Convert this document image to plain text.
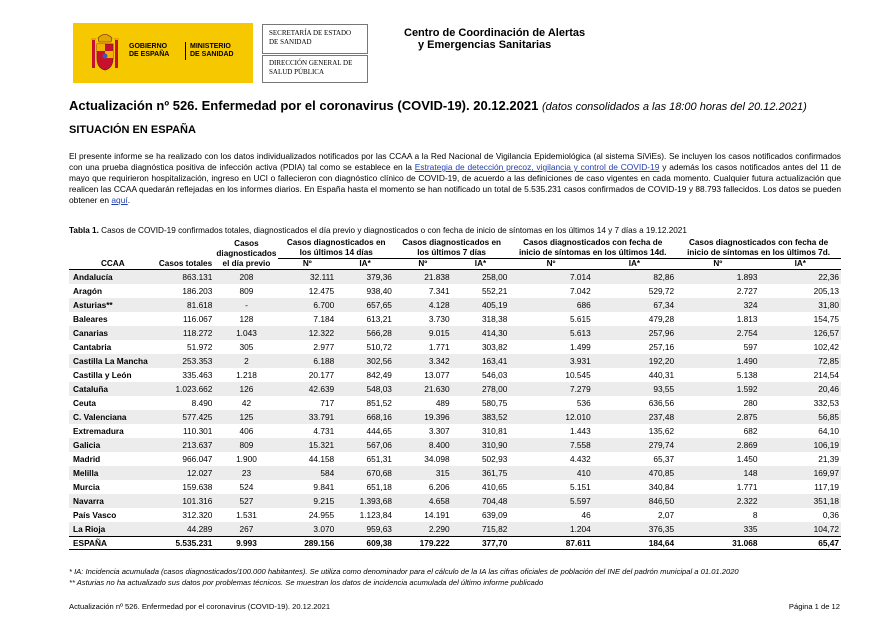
GOBIERNO
DE ESPAÑA
MINISTERIO
DE SANIDAD
SECRETARÍA DE ESTADO
DE SANIDAD
DIRECCIÓN GENERAL DE
SALUD PÚBLICA
Centro de Coordinación de Alertas
y Emergencias Sanitarias
Actualización nº 526. Enfermedad por el coronavirus (COVID-19). 20.12.2021 (datos consolidados a las 18:00 horas del 20.12.2021)
SITUACIÓN EN ESPAÑA
El presente informe se ha realizado con los datos individualizados notificados por las CCAA a la Red Nacional de Vigilancia Epidemiológica (al sistema SiViEs). Se incluyen los casos notificados confirmados con una prueba diagnóstica positiva de infección activa (PDIA) tal como se establece en la Estrategia de detección precoz, vigilancia y control de COVID-19 y además los casos notificados antes del 11 de mayo que requirieron hospitalización, ingreso en UCI o fallecieron con diagnóstico clínico de COVID-19, de acuerdo a las definiciones de caso vigentes en cada momento. Cualquier futura actualización que realicen las CCAA quedarán reflejadas en los informes diarios. En España hasta el momento se han notificado un total de 5.535.231 casos confirmados de COVID-19 y 88.793 fallecidos. Los datos se pueden obtener en aquí.
Tabla 1. Casos de COVID-19 confirmados totales, diagnosticados el día previo y diagnosticados o con fecha de inicio de síntomas en los últimos 14 y 7 días a 19.12.2021
CCAA	Casos totales	Casos diagnosticados el día previo	Casos diagnosticados en los últimos 14 días		Casos diagnosticados en los últimos 7 días		Casos diagnosticados con fecha de inicio de síntomas en los últimos 14d.		Casos diagnosticados con fecha de inicio de síntomas en los últimos 7d.	
			Nº	IA*	Nº	IA*	Nº	IA*	Nº	IA*
Andalucía	863.131	208	32.111	379,36	21.838	258,00	7.014	82,86	1.893	22,36
Aragón	186.203	809	12.475	938,40	7.341	552,21	7.042	529,72	2.727	205,13
Asturias**	81.618	-	6.700	657,65	4.128	405,19	686	67,34	324	31,80
Baleares	116.067	128	7.184	613,21	3.730	318,38	5.615	479,28	1.813	154,75
Canarias	118.272	1.043	12.322	566,28	9.015	414,30	5.613	257,96	2.754	126,57
Cantabria	51.972	305	2.977	510,72	1.771	303,82	1.499	257,16	597	102,42
Castilla La Mancha	253.353	2	6.188	302,56	3.342	163,41	3.931	192,20	1.490	72,85
Castilla y León	335.463	1.218	20.177	842,49	13.077	546,03	10.545	440,31	5.138	214,54
Cataluña	1.023.662	126	42.639	548,03	21.630	278,00	7.279	93,55	1.592	20,46
Ceuta	8.490	42	717	851,52	489	580,75	536	636,56	280	332,53
C. Valenciana	577.425	125	33.791	668,16	19.396	383,52	12.010	237,48	2.875	56,85
Extremadura	110.301	406	4.731	444,65	3.307	310,81	1.443	135,62	682	64,10
Galicia	213.637	809	15.321	567,06	8.400	310,90	7.558	279,74	2.869	106,19
Madrid	966.047	1.900	44.158	651,31	34.098	502,93	4.432	65,37	1.450	21,39
Melilla	12.027	23	584	670,68	315	361,75	410	470,85	148	169,97
Murcia	159.638	524	9.841	651,18	6.206	410,65	5.151	340,84	1.771	117,19
Navarra	101.316	527	9.215	1.393,68	4.658	704,48	5.597	846,50	2.322	351,18
País Vasco	312.320	1.531	24.955	1.123,84	14.191	639,09	46	2,07	8	0,36
La Rioja	44.289	267	3.070	959,63	2.290	715,82	1.204	376,35	335	104,72
ESPAÑA	5.535.231	9.993	289.156	609,38	179.222	377,70	87.611	184,64	31.068	65,47
* IA: Incidencia acumulada (casos diagnosticados/100.000 habitantes). Se utiliza como denominador para el cálculo de la IA las cifras oficiales de población del INE del padrón municipal a 01.01.2020
** Asturias no ha actualizado sus datos por problemas técnicos. Se muestran los datos de incidencia acumulada del último informe publicado
Actualización nº 526. Enfermedad por el coronavirus (COVID-19). 20.12.2021	Página 1 de 12
